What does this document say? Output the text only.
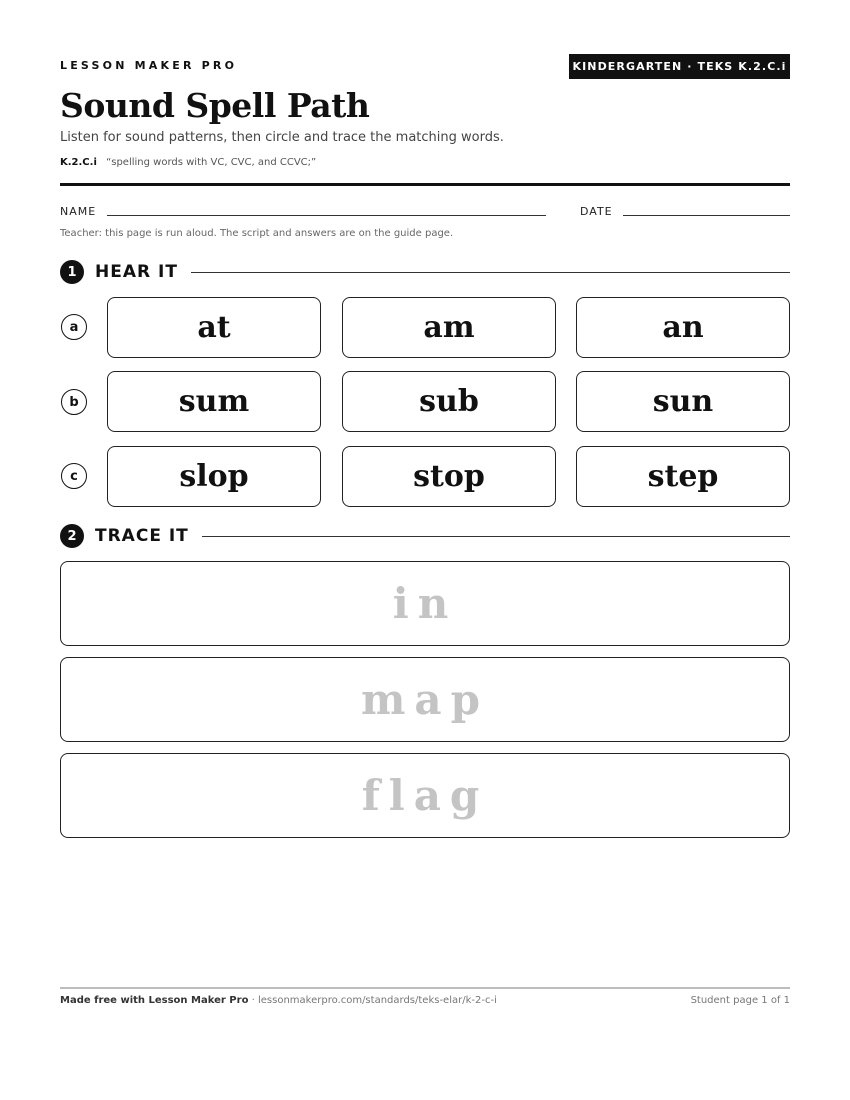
LESSON MAKER PRO	KINDERGARTEN · TEKS K.2.C.i
Sound Spell Path
Listen for sound patterns, then circle and trace the matching words.
K.2.C.i “spelling words with VC, CVC, and CCVC;”
NAME	DATE
Teacher: this page is run aloud. The script and answers are on the guide page.
1	HEAR IT
a	at	am	an
b	sum	sub	sun
c	slop	stop	step
2	TRACE IT
in
map
flag
Made free with Lesson Maker Pro · lessonmakerpro.com/standards/teks-elar/k-2-c-i	Student page 1 of 1
